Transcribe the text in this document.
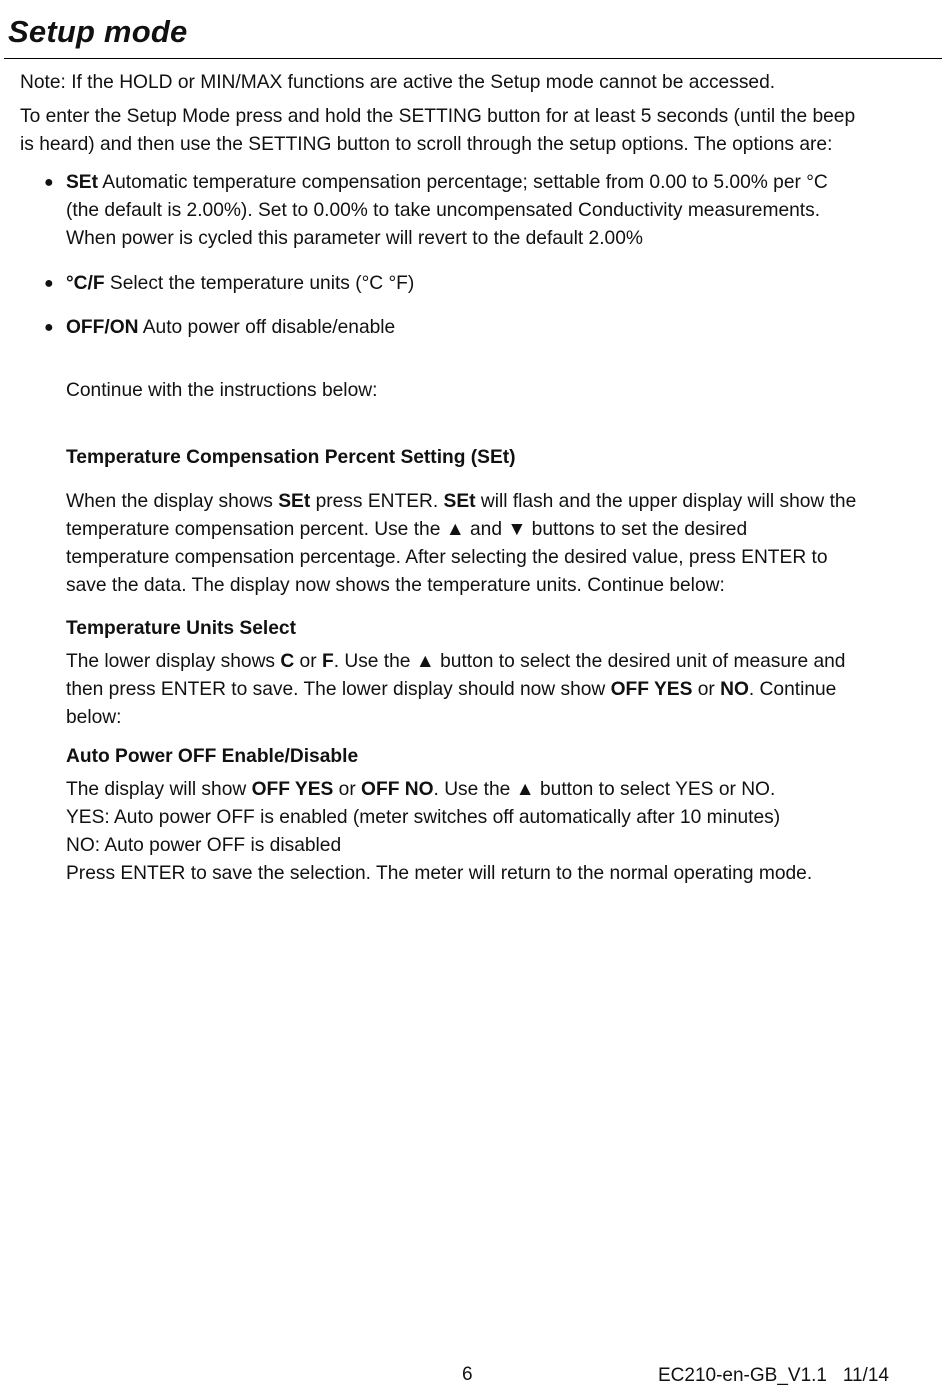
Setup mode
Note: If the HOLD or MIN/MAX functions are active the Setup mode cannot be accessed.
To enter the Setup Mode press and hold the SETTING button for at least 5 seconds (until the beep
is heard) and then use the SETTING button to scroll through the setup options. The options are:
● SEt Automatic temperature compensation percentage; settable from 0.00 to 5.00% per °C
(the default is 2.00%). Set to 0.00% to take uncompensated Conductivity measurements.
When power is cycled this parameter will revert to the default 2.00%
● °C/F Select the temperature units (°C °F)
● OFF/ON Auto power off disable/enable
Continue with the instructions below:
Temperature Compensation Percent Setting (SEt)
When the display shows SEt press ENTER. SEt will flash and the upper display will show the
temperature compensation percent. Use the ▲ and ▼ buttons to set the desired
temperature compensation percentage. After selecting the desired value, press ENTER to
save the data. The display now shows the temperature units. Continue below:
Temperature Units Select
The lower display shows C or F. Use the ▲ button to select the desired unit of measure and
then press ENTER to save. The lower display should now show OFF YES or NO. Continue
below:
Auto Power OFF Enable/Disable
The display will show OFF YES or OFF NO. Use the ▲ button to select YES or NO.
YES: Auto power OFF is enabled (meter switches off automatically after 10 minutes)
NO: Auto power OFF is disabled
Press ENTER to save the selection. The meter will return to the normal operating mode.
6	EC210-en-GB_V1.1   11/14
